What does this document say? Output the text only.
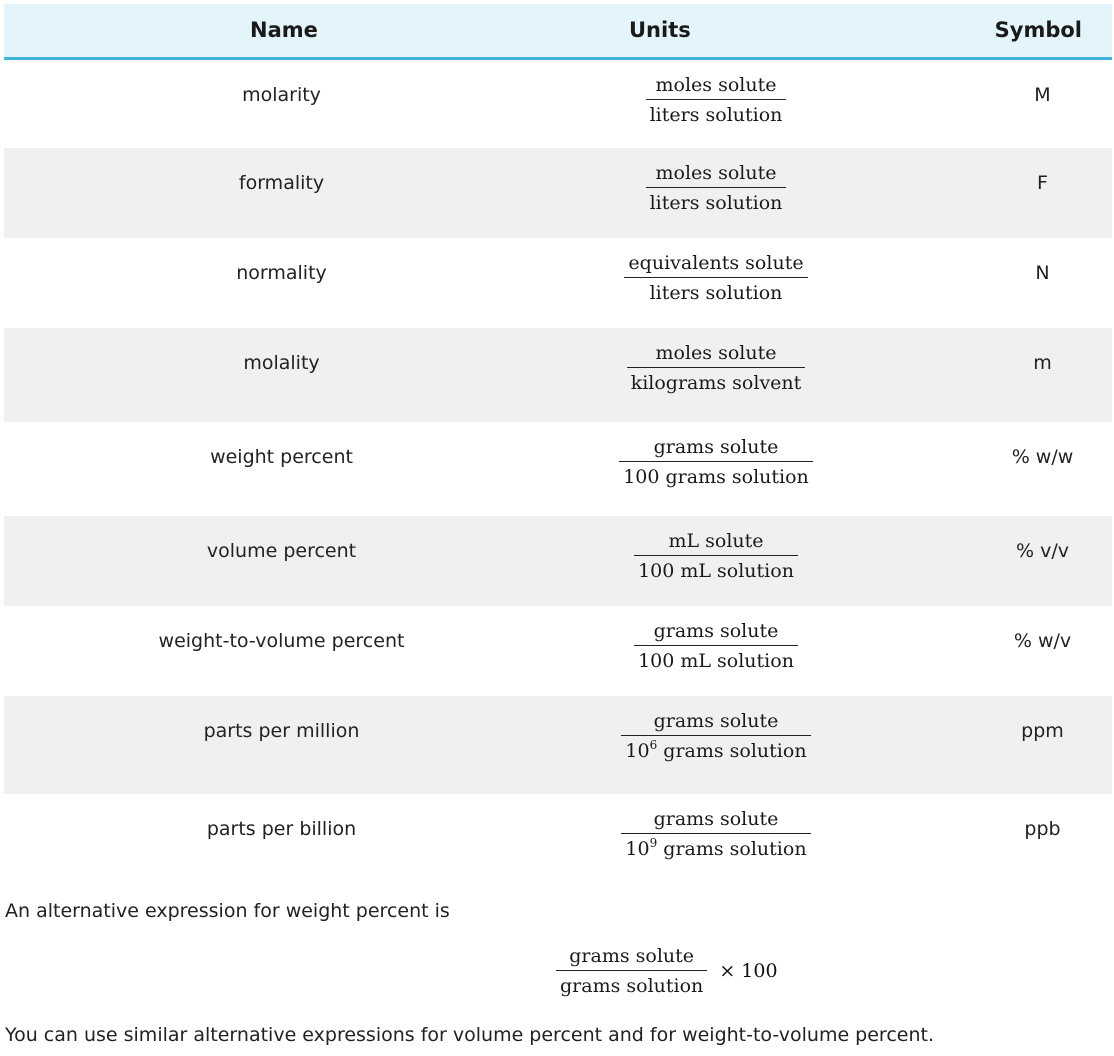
Name	Units	Symbol
molarity	$\frac{\text{moles solute}}{\text{liters solution}}$	M
formality	$\frac{\text{moles solute}}{\text{liters solution}}$	F
normality	$\frac{\text{equivalents solute}}{\text{liters solution}}$	N
molality	$\frac{\text{moles solute}}{\text{kilograms solvent}}$	m
weight percent	$\frac{\text{grams solute}}{\text{100 grams solution}}$	% w/w
volume percent	$\frac{\text{mL solute}}{\text{100 mL solution}}$	% v/v
weight-to-volume percent	$\frac{\text{grams solute}}{\text{100 mL solution}}$	% w/v
parts per million	$\frac{\text{grams solute}}{10^6 grams solution}$	ppm
parts per billion	$\frac{\text{grams solute}}{10^9 grams solution}$	ppb
An alternative expression for weight percent is
$\frac{\text{grams solute}}{\text{grams solution}} \times 100$
You can use similar alternative expressions for volume percent and for weight-to-volume percent.
